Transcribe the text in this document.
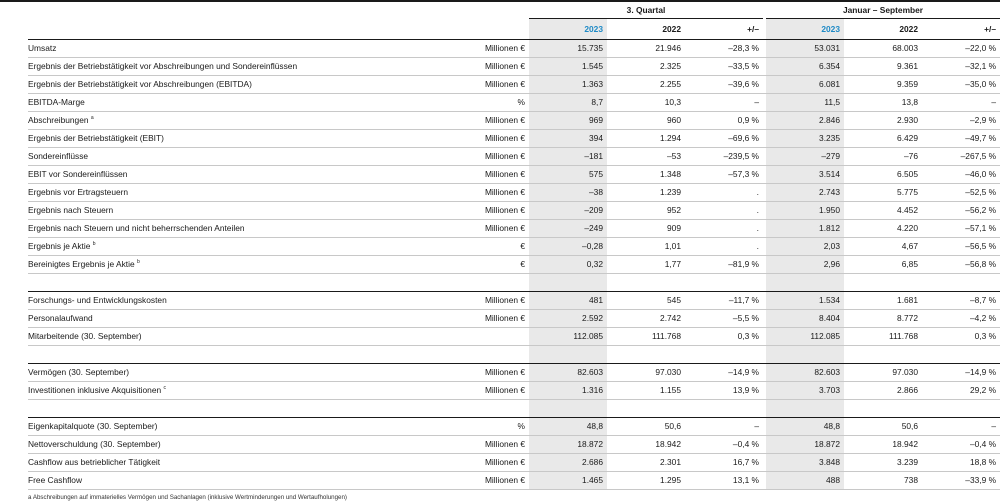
		3. Quartal				Januar – September		
		2023	2022	+/–		2023	2022	+/–
Umsatz	Millionen €	15.735	21.946	–28,3 %		53.031	68.003	–22,0 %
Ergebnis der Betriebstätigkeit vor Abschreibungen und Sondereinflüssen	Millionen €	1.545	2.325	–33,5 %		6.354	9.361	–32,1 %
Ergebnis der Betriebstätigkeit vor Abschreibungen (EBITDA)	Millionen €	1.363	2.255	–39,6 %		6.081	9.359	–35,0 %
EBITDA-Marge	%	8,7	10,3	–		11,5	13,8	–
Abschreibungen $^a$	Millionen €	969	960	0,9 %		2.846	2.930	–2,9 %
Ergebnis der Betriebstätigkeit (EBIT)	Millionen €	394	1.294	–69,6 %		3.235	6.429	–49,7 %
Sondereinflüsse	Millionen €	–181	–53	–239,5 %		–279	–76	–267,5 %
EBIT vor Sondereinflüssen	Millionen €	575	1.348	–57,3 %		3.514	6.505	–46,0 %
Ergebnis vor Ertragsteuern	Millionen €	–38	1.239	.		2.743	5.775	–52,5 %
Ergebnis nach Steuern	Millionen €	–209	952	.		1.950	4.452	–56,2 %
Ergebnis nach Steuern und nicht beherrschenden Anteilen	Millionen €	–249	909	.		1.812	4.220	–57,1 %
Ergebnis je Aktie $^b$	€	–0,28	1,01	.		2,03	4,67	–56,5 %
Bereinigtes Ergebnis je Aktie $^b$	€	0,32	1,77	–81,9 %		2,96	6,85	–56,8 %

Forschungs- und Entwicklungskosten	Millionen €	481	545	–11,7 %		1.534	1.681	–8,7 %
Personalaufwand	Millionen €	2.592	2.742	–5,5 %		8.404	8.772	–4,2 %
Mitarbeitende (30. September)		112.085	111.768	0,3 %		112.085	111.768	0,3 %

Vermögen (30. September)	Millionen €	82.603	97.030	–14,9 %		82.603	97.030	–14,9 %
Investitionen inklusive Akquisitionen $^c$	Millionen €	1.316	1.155	13,9 %		3.703	2.866	29,2 %

Eigenkapitalquote (30. September)	%	48,8	50,6	–		48,8	50,6	–
Nettoverschuldung (30. September)	Millionen €	18.872	18.942	–0,4 %		18.872	18.942	–0,4 %
Cashflow aus betrieblicher Tätigkeit	Millionen €	2.686	2.301	16,7 %		3.848	3.239	18,8 %
Free Cashflow	Millionen €	1.465	1.295	13,1 %		488	738	–33,9 %
a Abschreibungen auf immaterielles Vermögen und Sachanlagen (inklusive Wertminderungen und Wertaufholungen)
